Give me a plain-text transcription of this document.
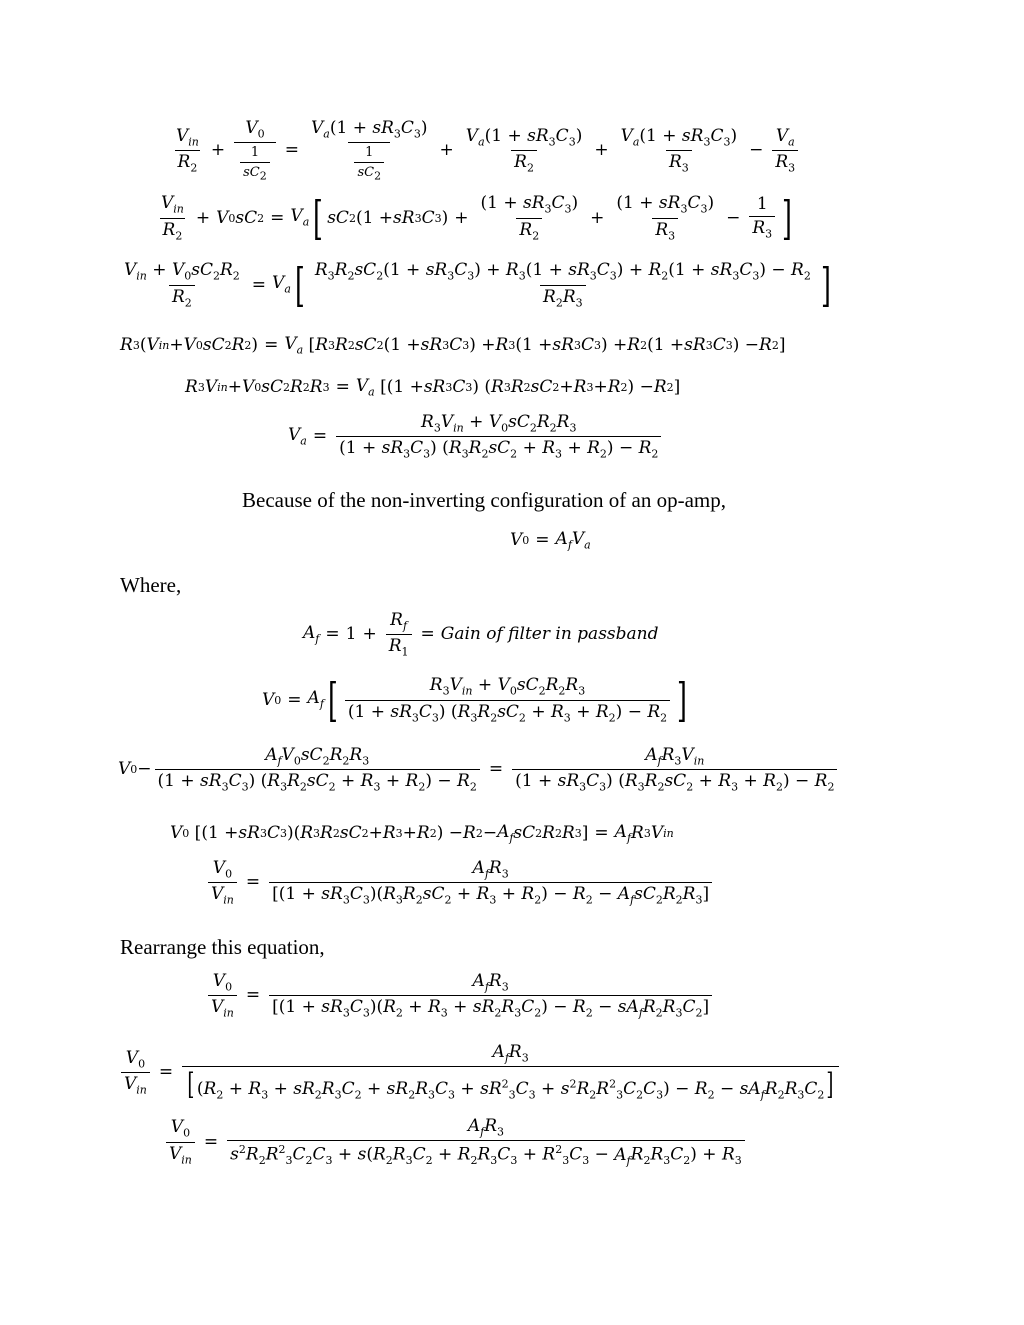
$\frac{V_{in}}{R_2} + \frac{V_0}{\frac{1}{sC_2}} = \frac{V_a(1 + sR_3C_3)}{\frac{1}{sC_2}} + \frac{V_a(1 + sR_3C_3)}{R_2} + \frac{V_a(1 + sR_3C_3)}{R_3} - \frac{V_a}{R_3}$
$\frac{V_{in}}{R_2} + V$ 0 sC $2 = V_a$ [ sC 2 (1 + sR 3 C 3 ) + $\frac{(1 + sR_3C_3)}{R_2} + \frac{(1 + sR_3C_3)}{R_3} - \frac{1}{R_3}$ ]
$\frac{V_{in} + V_0sC_2R_2}{R_2} = V_a$ [ $\frac{R_3R_2sC_2(1 + sR_3C_3) + R_3(1 + sR_3C_3) + R_2(1 + sR_3C_3) - R_2}{R_2R_3}$ ]
R 3 ( V in + V 0 sC 2 R 2 ) = $V_a$ [ R 3 R 2 sC 2 (1 + sR 3 C 3 ) + R 3 (1 + sR 3 C 3 ) + R 2 (1 + sR 3 C 3 ) − R 2 ]
R 3 V in + V 0 sC 2 R 2 R $3 = V_a$ [(1 + sR 3 C 3 ) ( R 3 R 2 sC 2 + R 3 + R 2 ) − R 2 ]
$V_a = \frac{R_3V_{in} + V_0sC_2R_2R_3}{(1 + sR_3C_3) (R_3R_2sC_2 + R_3 + R_2) - R_2}$
Because of the non-inverting configuration of an op-amp,
V $0 = A_f$ $V_a$
Where,
$A_f = 1 + \frac{R_f}{R_1}$ = Gain of filter in passband
V $0 = A_f$ [ $\frac{R_3V_{in} + V_0sC_2R_2R_3}{(1 + sR_3C_3) (R_3R_2sC_2 + R_3 + R_2) - R_2}$ ]
V $0 - \frac{A_fV_0sC_2R_2R_3}{(1 + sR_3C_3) (R_3R_2sC_2 + R_3 + R_2) - R_2} = \frac{A_fR_3V_{in}}{(1 + sR_3C_3) (R_3R_2sC_2 + R_3 + R_2) - R_2}$
V 0 [(1 + sR 3 C 3 )( R 3 R 2 sC 2 + R 3 + R 2 ) − R $2 - A_f$ sC 2 R 2 R 3 ] = $A_f$ R 3 V in
$\frac{V_0}{V_{in}} = \frac{A_fR_3}{[(1 + sR_3C_3)(R_3R_2sC_2 + R_3 + R_2) - R_2 - A_fsC_2R_2R_3]}$
Rearrange this equation,
$\frac{V_0}{V_{in}} = \frac{A_fR_3}{[(1 + sR_3C_3)(R_2 + R_3 + sR_2R_3C_2) - R_2 - sA_fR_2R_3C_2]}$
$\frac{V_0}{V_{in}}$ =
$A_fR_3$
[ $(R_2 + R_3 + sR_2R_3C_2 + sR_2R_3C_3 + sR^2_3C_3 + s^2R_2R^2_3C_2C_3) - R_2 - sA_fR_2R_3C_2$]
$\frac{V_0}{V_{in}} = \frac{A_fR_3}{s^2R_2R^2_3C_2C_3 + s(R_2R_3C_2 + R_2R_3C_3 + R^2_3C_3 - A_fR_2R_3C_2) + R_3}$
